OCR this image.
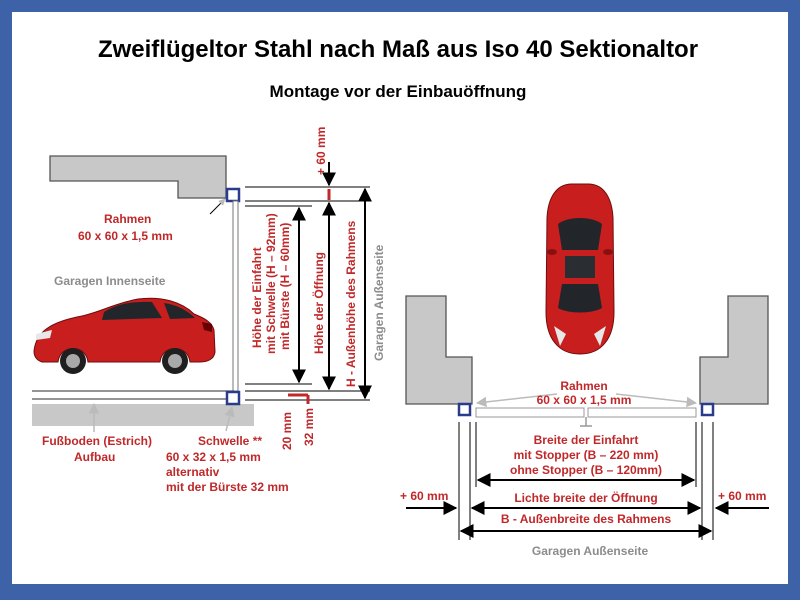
Zweiflügeltor Stahl nach Maß aus Iso 40 Sektionaltor
Montage vor der Einbauöffnung
+ 60 mm
Höhe der Einfahrt mit Schwelle (H – 92mm) mit Bürste (H – 60mm) Höhe der Öffnung H - Außenhöhe des Rahmens Garagen Außenseite
20 mm 32 mm
Rahmen
60 x 60 x 1,5 mm
Garagen Innenseite
Fußboden (Estrich)
Aufbau
Schwelle **
60 x 32 x 1,5 mm
alternativ
mit der Bürste 32 mm
Rahmen
60 x 60 x 1,5 mm
Breite der Einfahrt
mit Stopper (B – 220 mm)
ohne Stopper (B – 120mm)
Lichte breite der Öffnung
B - Außenbreite des Rahmens
+ 60 mm	+ 60 mm
Garagen Außenseite
